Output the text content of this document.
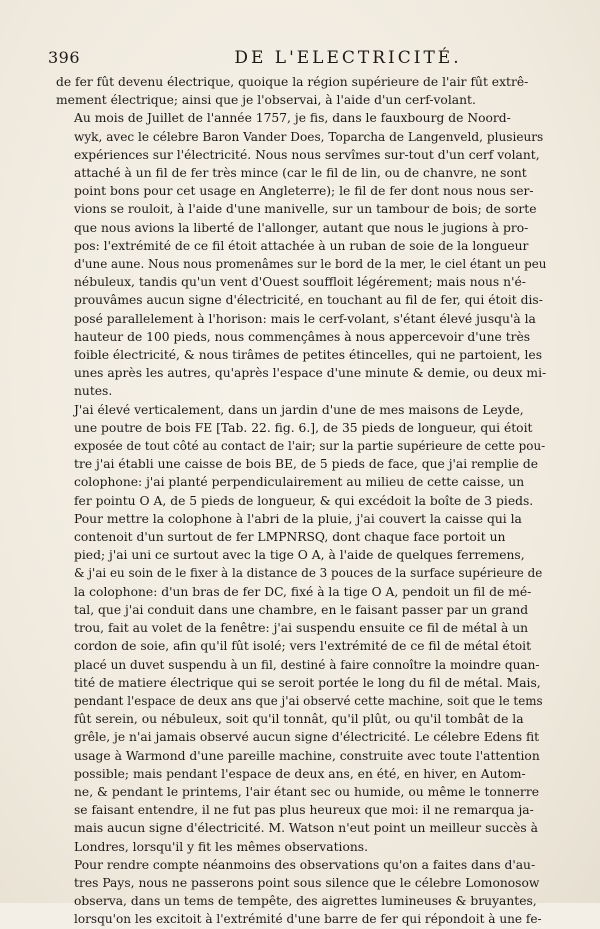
396	DE L'ELECTRICITÉ.

de fer fût devenu électrique, quoique la région supérieure de l'air fût extrê-
mement électrique; ainsi que je l'observai, à l'aide d'un cerf-volant.

Au mois de Juillet de l'année 1757, je fis, dans le fauxbourg de Noord-
wyk, avec le célebre Baron Vander Does, Toparcha de Langenveld, plusieurs
expériences sur l'électricité. Nous nous servîmes sur-tout d'un cerf volant,
attaché à un fil de fer très mince (car le fil de lin, ou de chanvre, ne sont
point bons pour cet usage en Angleterre); le fil de fer dont nous nous ser-
vions se rouloit, à l'aide d'une manivelle, sur un tambour de bois; de sorte
que nous avions la liberté de l'allonger, autant que nous le jugions à pro-
pos: l'extrémité de ce fil étoit attachée à un ruban de soie de la longueur
d'une aune. Nous nous promenâmes sur le bord de la mer, le ciel étant un peu
nébuleux, tandis qu'un vent d'Ouest souffloit légérement; mais nous n'é-
prouvâmes aucun signe d'électricité, en touchant au fil de fer, qui étoit dis-
posé parallelement à l'horison: mais le cerf-volant, s'étant élevé jusqu'à la
hauteur de 100 pieds, nous commençâmes à nous appercevoir d'une très
foible électricité, & nous tirâmes de petites étincelles, qui ne partoient, les
unes après les autres, qu'après l'espace d'une minute & demie, ou deux mi-
nutes.

J'ai élevé verticalement, dans un jardin d'une de mes maisons de Leyde,
une poutre de bois FE [Tab. 22. fig. 6.], de 35 pieds de longueur, qui étoit
exposée de tout côté au contact de l'air; sur la partie supérieure de cette pou-
tre j'ai établi une caisse de bois BE, de 5 pieds de face, que j'ai remplie de
colophone: j'ai planté perpendiculairement au milieu de cette caisse, un
fer pointu O A, de 5 pieds de longueur, & qui excédoit la boîte de 3 pieds.
Pour mettre la colophone à l'abri de la pluie, j'ai couvert la caisse qui la
contenoit d'un surtout de fer LMPNRSQ, dont chaque face portoit un
pied; j'ai uni ce surtout avec la tige O A, à l'aide de quelques ferremens,
& j'ai eu soin de le fixer à la distance de 3 pouces de la surface supérieure de
la colophone: d'un bras de fer DC, fixé à la tige O A, pendoit un fil de mé-
tal, que j'ai conduit dans une chambre, en le faisant passer par un grand
trou, fait au volet de la fenêtre: j'ai suspendu ensuite ce fil de métal à un
cordon de soie, afin qu'il fût isolé; vers l'extrémité de ce fil de métal étoit
placé un duvet suspendu à un fil, destiné à faire connoître la moindre quan-
tité de matiere électrique qui se seroit portée le long du fil de métal. Mais,
pendant l'espace de deux ans que j'ai observé cette machine, soit que le tems
fût serein, ou nébuleux, soit qu'il tonnât, qu'il plût, ou qu'il tombât de la
grêle, je n'ai jamais observé aucun signe d'électricité. Le célebre Edens fit
usage à Warmond d'une pareille machine, construite avec toute l'attention
possible; mais pendant l'espace de deux ans, en été, en hiver, en Autom-
ne, & pendant le printems, l'air étant sec ou humide, ou même le tonnerre
se faisant entendre, il ne fut pas plus heureux que moi: il ne remarqua ja-
mais aucun signe d'électricité. M. Watson n'eut point un meilleur succès à
Londres, lorsqu'il y fit les mêmes observations.

Pour rendre compte néanmoins des observations qu'on a faites dans d'au-
tres Pays, nous ne passerons point sous silence que le célebre Lomonosow
observa, dans un tems de tempête, des aigrettes lumineuses & bruyantes,
lorsqu'on les excitoit à l'extrémité d'une barre de fer qui répondoit à une fe-
